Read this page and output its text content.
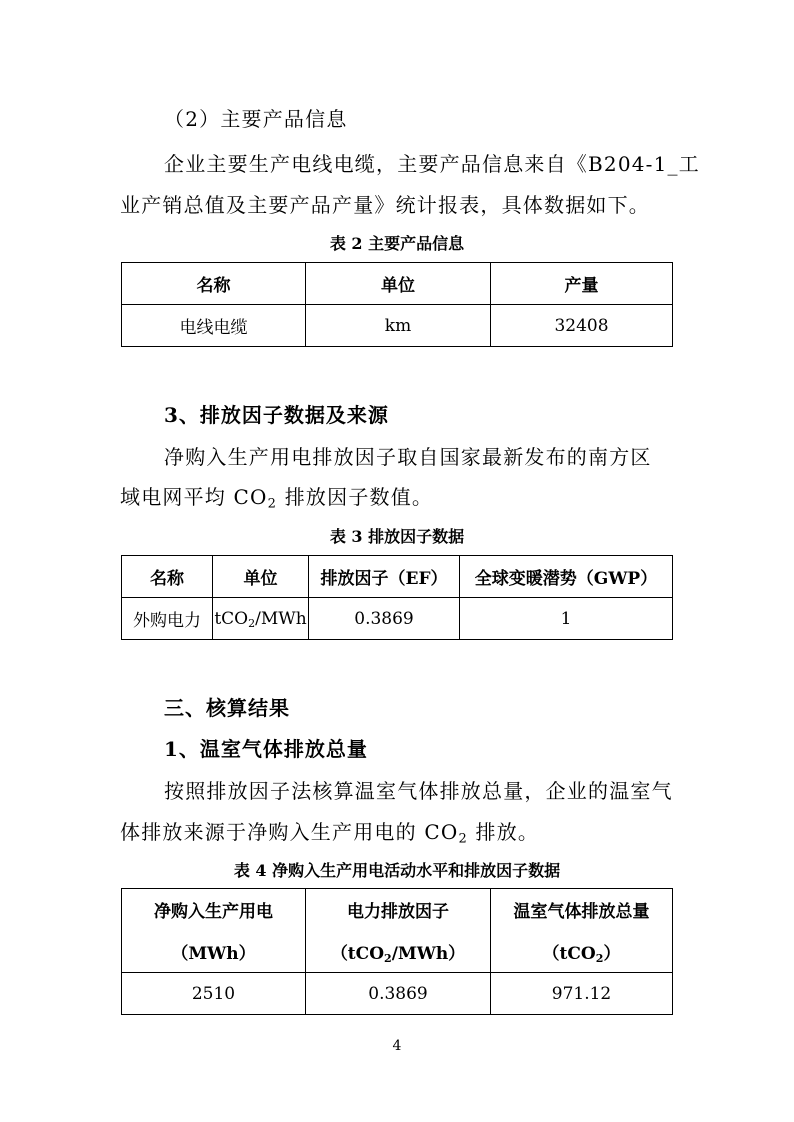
（2）主要产品信息
企业主要生产电线电缆，主要产品信息来自《B204-1_工
业产销总值及主要产品产量》统计报表，具体数据如下。
表 2 主要产品信息
名称	单位	产量
电线电缆	km	32408
3、排放因子数据及来源
净购入生产用电排放因子取自国家最新发布的南方区
域电网平均 $CO_2$ 排放因子数值。
表 3 排放因子数据
名称	单位	排放因子（EF）	全球变暖潜势（GWP）
外购电力	tCO$_2$/MWh	0.3869	1
三、核算结果
1、温室气体排放总量
按照排放因子法核算温室气体排放总量，企业的温室气
体排放来源于净购入生产用电的 $CO_2$ 排放。
表 4 净购入生产用电活动水平和排放因子数据
净购入生产用电	电力排放因子	温室气体排放总量
（MWh）	（tCO$_2$/MWh）	（tCO$_2$）
2510	0.3869	971.12
4
